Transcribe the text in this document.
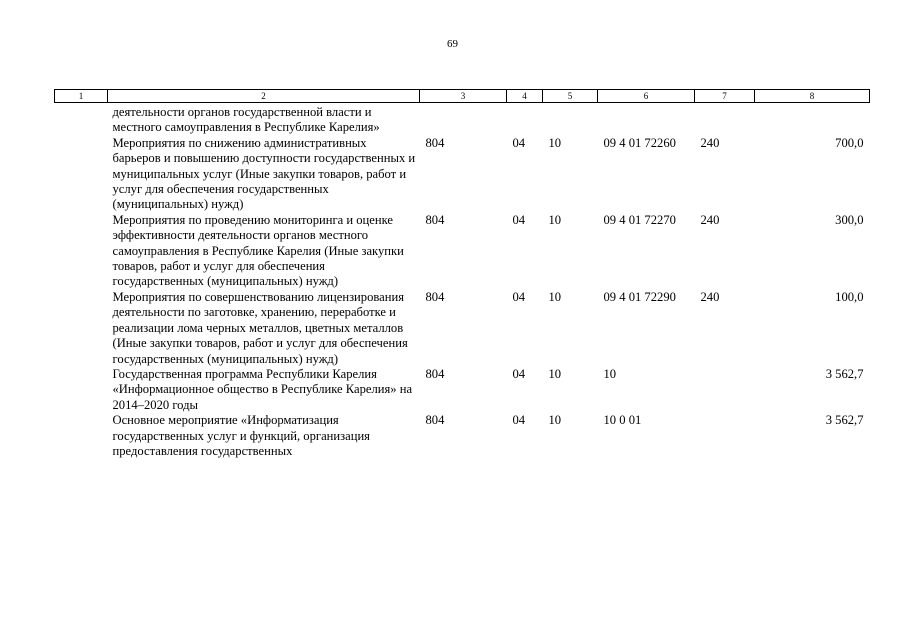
69
1	2	3	4	5	6	7	8
	деятельности органов государственной власти и местного самоуправления в Республике Карелия»						
	Мероприятия по снижению административных барьеров и повышению доступности государственных и муниципальных услуг (Иные закупки товаров, работ и услуг для обеспечения государственных (муниципальных) нужд)	804	04	10	09 4 01 72260	240	700,0
	Мероприятия по проведению мониторинга и оценке эффективности деятельности органов местного самоуправления в Республике Карелия (Иные закупки товаров, работ и услуг для обеспечения государственных (муниципальных) нужд)	804	04	10	09 4 01 72270	240	300,0
	Мероприятия по совершенствованию лицензирования деятельности по заготовке, хранению, переработке и реализации лома черных металлов, цветных металлов (Иные закупки товаров, работ и услуг для обеспечения государственных (муниципальных) нужд)	804	04	10	09 4 01 72290	240	100,0
	Государственная программа Республики Карелия «Информационное общество в Республике Карелия» на 2014–2020 годы	804	04	10	10		3 562,7
	Основное мероприятие «Информатизация государственных услуг и функций, организация предоставления государственных	804	04	10	10 0 01		3 562,7
